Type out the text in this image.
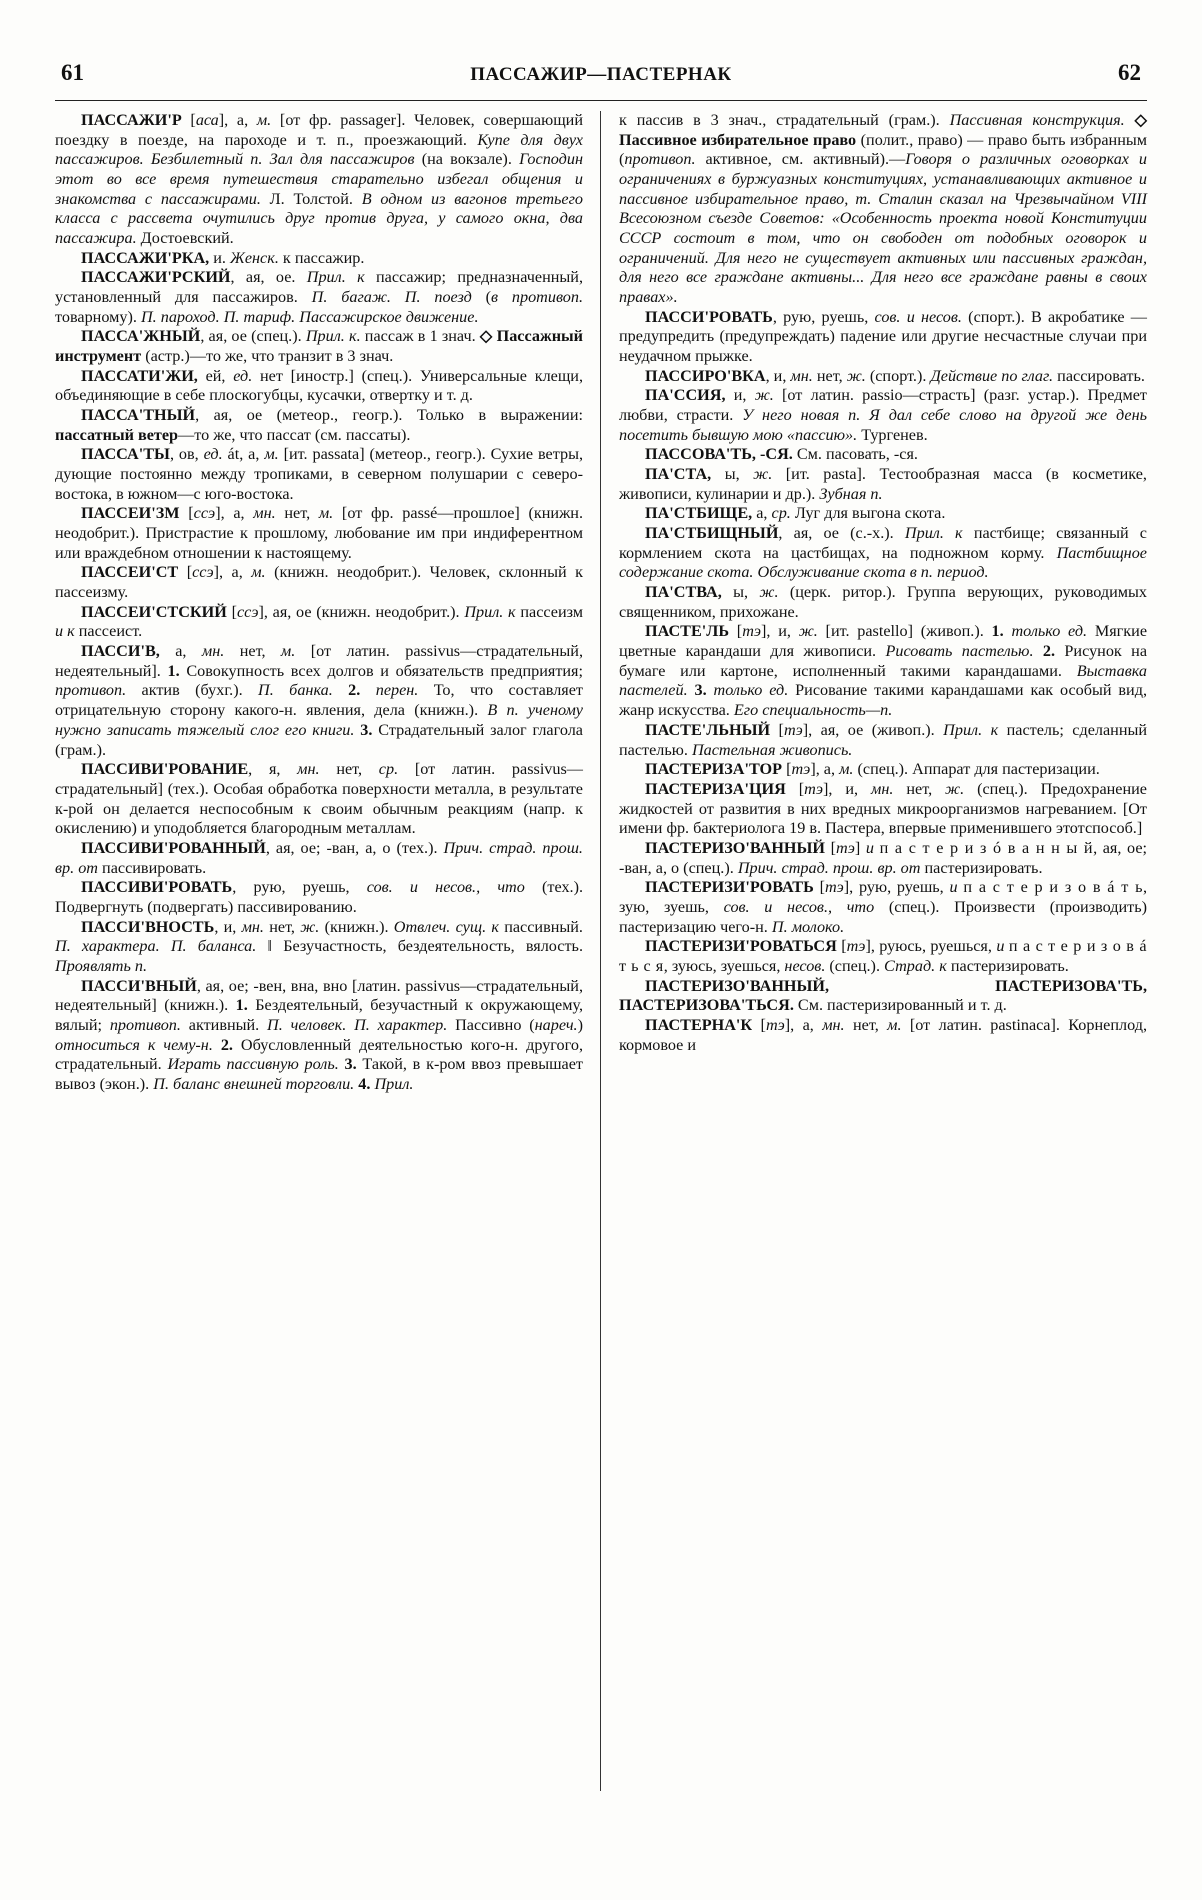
61	ПАССАЖИР—ПАСТЕРНАК	62

ПАССАЖИ'Р [аса], а, м. [от фр. passager]. Человек, совершающий поездку в поезде, на пароходе и т. п., проезжающий. Купе для двух пассажиров. Безбилетный п. Зал для пассажиров (на вокзале). Господин этот во все время путешествия старательно избегал общения и знакомства с пассажирами. Л. Толстой. В одном из вагонов третьего класса с рассвета очутились друг против друга, у самого окна, два пассажира. Достоевский.

ПАССАЖИ'РКА, и. Женск. к пассажир.

ПАССАЖИ'РСКИЙ, ая, ое. Прил. к пассажир; предназначенный, установленный для пассажиров. П. багаж. П. поезд (в противоп. товарному). П. пароход. П. тариф. Пассажирское движение.

ПАССА'ЖНЫЙ, ая, ое (спец.). Прил. к. пассаж в 1 знач. ◇ Пассажный инструмент (астр.)—то же, что транзит в 3 знач.

ПАССАТИ'ЖИ, ей, ед. нет [иностр.] (спец.). Универсальные клещи, объединяющие в себе плоскогубцы, кусачки, отвертку и т. д.

ПАССА'ТНЫЙ, ая, ое (метеор., геогр.). Только в выражении: пассатный ветер—то же, что пассат (см. пассаты).

ПАССА'ТЫ, ов, ед. át, а, м. [ит. passata] (метеор., геогр.). Сухие ветры, дующие постоянно между тропиками, в северном полушарии с северо-востока, в южном—с юго-востока.

ПАССЕИ'ЗМ [ссэ], а, мн. нет, м. [от фр. passé—прошлое] (книжн. неодобрит.). Пристрастие к прошлому, любование им при индиферентном или враждебном отношении к настоящему.

ПАССЕИ'СТ [ссэ], а, м. (книжн. неодобрит.). Человек, склонный к пассеизму.

ПАССЕИ'СТСКИЙ [ссэ], ая, ое (книжн. неодобрит.). Прил. к пассеизм и к пассеист.

ПАССИ'В, а, мн. нет, м. [от латин. passivus—страдательный, недеятельный]. 1. Совокупность всех долгов и обязательств предприятия; противоп. актив (бухг.). П. банка. 2. перен. То, что составляет отрицательную сторону какого-н. явления, дела (книжн.). В п. ученому нужно записать тяжелый слог его книги. 3. Страдательный залог глагола (грам.).

ПАССИВИ'РОВАНИЕ, я, мн. нет, ср. [от латин. passivus—страдательный] (тех.). Особая обработка поверхности металла, в результате к-рой он делается неспособным к своим обычным реакциям (напр. к окислению) и уподобляется благородным металлам.

ПАССИВИ'РОВАННЫЙ, ая, ое; -ван, а, о (тех.). Прич. страд. прош. вр. от пассивировать.

ПАССИВИ'РОВАТЬ, рую, руешь, сов. и несов., что (тех.). Подвергнуть (подвергать) пассивированию.

ПАССИ'ВНОСТЬ, и, мн. нет, ж. (книжн.). Отвлеч. сущ. к пассивный. П. характера. П. баланса. ‖ Безучастность, бездеятельность, вялость. Проявлять п.

ПАССИ'ВНЫЙ, ая, ое; -вен, вна, вно [латин. passivus—страдательный, недеятельный] (книжн.). 1. Бездеятельный, безучастный к окружающему, вялый; противоп. активный. П. человек. П. характер. Пассивно (нареч.) относиться к чему-н. 2. Обусловленный деятельностью кого-н. другого, страдательный. Играть пассивную роль. 3. Такой, в к-ром ввоз превышает вывоз (экон.). П. баланс внешней торговли. 4. Прил.

к пассив в 3 знач., страдательный (грам.). Пассивная конструкция. ◇ Пассивное избирательное право (полит., право) — право быть избранным (противоп. активное, см. активный).—Говоря о различных оговорках и ограничениях в буржуазных конституциях, устанавливающих активное и пассивное избирательное право, т. Сталин сказал на Чрезвычайном VIII Всесоюзном съезде Советов: «Особенность проекта новой Конституции СССР состоит в том, что он свободен от подобных оговорок и ограничений. Для него не существует активных или пассивных граждан, для него все граждане активны... Для него все граждане равны в своих правах».

ПАССИ'РОВАТЬ, рую, руешь, сов. и несов. (спорт.). В акробатике — предупредить (предупреждать) падение или другие несчастные случаи при неудачном прыжке.

ПАССИРО'ВКА, и, мн. нет, ж. (спорт.). Действие по глаг. пассировать.

ПА'ССИЯ, и, ж. [от латин. passio—страсть] (разг. устар.). Предмет любви, страсти. У него новая п. Я дал себе слово на другой же день посетить бывшую мою «пассию». Тургенев.

ПАССОВА'ТЬ, -СЯ. См. пасовать, -ся.

ПА'СТА, ы, ж. [ит. pasta]. Тестообразная масса (в косметике, живописи, кулинарии и др.). Зубная п.

ПА'СТБИЩЕ, а, ср. Луг для выгона скота.

ПА'СТБИЩНЫЙ, ая, ое (с.-х.). Прил. к пастбище; связанный с кормлением скота на цастбищах, на подножном корму. Пастбищное содержание скота. Обслуживание скота в п. период.

ПА'СТВА, ы, ж. (церк. ритор.). Группа верующих, руководимых священником, прихожане.

ПАСТЕ'ЛЬ [тэ], и, ж. [ит. pastello] (живоп.). 1. только ед. Мягкие цветные карандаши для живописи. Рисовать пастелью. 2. Рисунок на бумаге или картоне, исполненный такими карандашами. Выставка пастелей. 3. только ед. Рисование такими карандашами как особый вид, жанр искусства. Его специальность—п.

ПАСТЕ'ЛЬНЫЙ [тэ], ая, ое (живоп.). Прил. к пастель; сделанный пастелью. Пастельная живопись.

ПАСТЕРИЗА'ТОР [тэ], а, м. (спец.). Аппарат для пастеризации.

ПАСТЕРИЗА'ЦИЯ [тэ], и, мн. нет, ж. (спец.). Предохранение жидкостей от развития в них вредных микроорганизмов нагреванием. [От имени фр. бактериолога 19 в. Пастера, впервые применившего этотспособ.]

ПАСТЕРИЗО'ВАННЫЙ [тэ] и п а с т е р и з ó в а н н ы й, ая, ое; -ван, а, о (спец.). Прич. страд. прош. вр. от пастеризировать.

ПАСТЕРИЗИ'РОВАТЬ [тэ], рую, руешь, и п а с т е р и з о в á т ь, зую, зуешь, сов. и несов., что (спец.). Произвести (производить) пастеризацию чего-н. П. молоко.

ПАСТЕРИЗИ'РОВАТЬСЯ [тэ], руюсь, руешься, и п а с т е р и з о в á т ь с я, зуюсь, зуешься, несов. (спец.). Страд. к пастеризировать.

ПАСТЕРИЗО'ВАННЫЙ, ПАСТЕРИЗОВА'ТЬ, ПАСТЕРИЗОВА'ТЬСЯ. См. пастеризированный и т. д.

ПАСТЕРНА'К [тэ], а, мн. нет, м. [от латин. pastinaca]. Корнеплод, кормовое и
